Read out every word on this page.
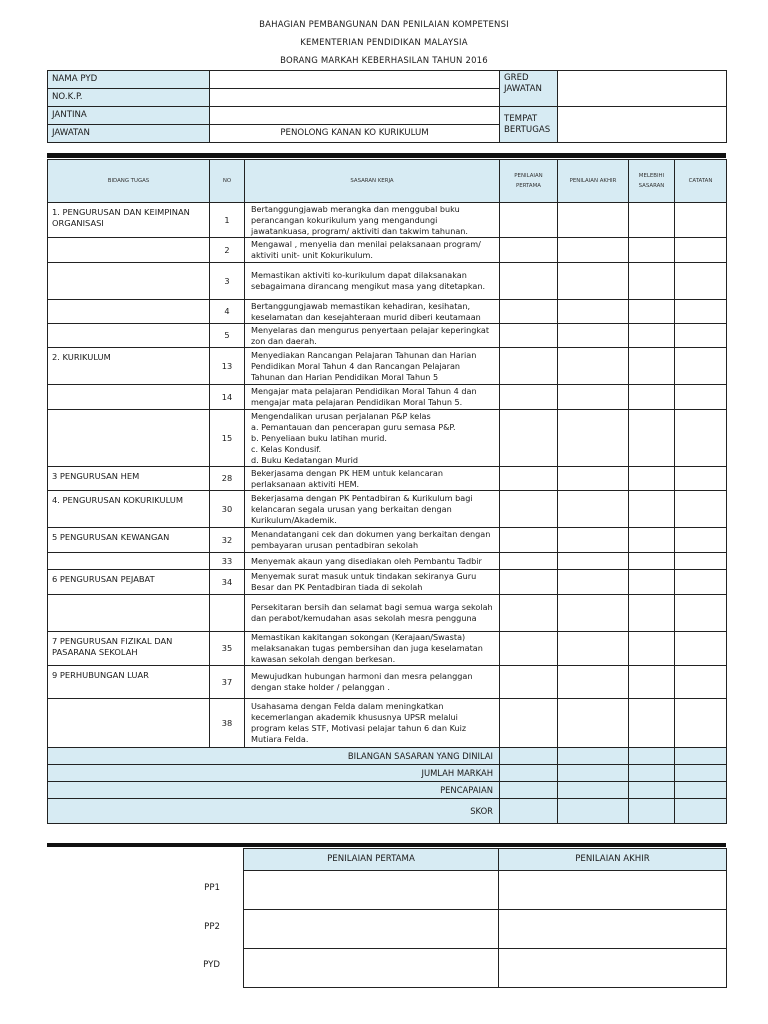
BAHAGIAN PEMBANGUNAN DAN PENILAIAN KOMPETENSI
KEMENTERIAN PENDIDIKAN MALAYSIA
BORANG MARKAH KEBERHASILAN TAHUN 2016
NAMA PYD		GRED JAWATAN	
NO.K.P.			
JANTINA		TEMPAT BERTUGAS	
JAWATAN	PENOLONG KANAN KO KURIKULUM		
BIDANG TUGAS	NO	SASARAN KERJA	PENILAIAN PERTAMA	PENILAIAN AKHIR	MELEBIHI SASARAN	CATATAN
1. PENGURUSAN DAN KEIMPINAN ORGANISASI	1	Bertanggungjawab merangka dan menggubal buku perancangan kokurikulum yang mengandungi jawatankuasa, program/ aktiviti dan takwim tahunan.				

	2	Mengawal , menyelia dan menilai pelaksanaan program/ aktiviti unit- unit Kokurikulum.				

	3	Memastikan aktiviti ko-kurikulum dapat dilaksanakan sebagaimana dirancang mengikut masa yang ditetapkan.				

	4	Bertanggungjawab memastikan kehadiran, kesihatan, keselamatan dan kesejahteraan murid diberi keutamaan				

	5	Menyelaras dan mengurus penyertaan pelajar keperingkat zon dan daerah.				

2. KURIKULUM	13	Menyediakan Rancangan Pelajaran Tahunan dan Harian Pendidikan Moral Tahun 4 dan Rancangan Pelajaran Tahunan dan Harian Pendidikan Moral Tahun 5				

	14	Mengajar mata pelajaran Pendidikan Moral Tahun 4 dan mengajar mata pelajaran Pendidikan Moral Tahun 5.				

	15	Mengendalikan urusan perjalanan P&P kelas
a. Pemantauan dan pencerapan guru semasa P&P.
b. Penyeliaan buku latihan murid.
c. Kelas Kondusif.
d. Buku Kedatangan Murid				

3 PENGURUSAN HEM	28	Bekerjasama dengan PK HEM untuk kelancaran perlaksanaan aktiviti HEM.				

4. PENGURUSAN KOKURIKULUM	30	Bekerjasama dengan PK Pentadbiran & Kurikulum bagi kelancaran segala urusan yang berkaitan dengan Kurikulum/Akademik.				

5 PENGURUSAN KEWANGAN	32	Menandatangani cek dan dokumen yang berkaitan dengan pembayaran urusan pentadbiran sekolah				

	33	Menyemak akaun yang disediakan oleh Pembantu Tadbir				

6 PENGURUSAN PEJABAT	34	Menyemak surat masuk untuk tindakan sekiranya Guru Besar dan PK Pentadbiran tiada di sekolah				

		Persekitaran bersih dan selamat bagi semua warga sekolah dan perabot/kemudahan asas sekolah mesra pengguna				

7 PENGURUSAN FIZIKAL DAN PASARANA SEKOLAH	35	Memastikan kakitangan sokongan (Kerajaan/Swasta) melaksanakan tugas pembersihan dan juga keselamatan kawasan sekolah dengan berkesan.				

9 PERHUBUNGAN LUAR	37	Mewujudkan hubungan harmoni dan mesra pelanggan dengan stake holder / pelanggan .				

	38	Usahasama dengan Felda dalam meningkatkan kecemerlangan akademik khususnya UPSR melalui program kelas STF, Motivasi pelajar tahun 6 dan Kuiz Mutiara Felda.				

BILANGAN SASARAN YANG DINILAI						
JUMLAH MARKAH						
PENCAPAIAN						
SKOR						
PENILAIAN PERTAMA	PENILAIAN AKHIR

PP1
PP2
PYD
